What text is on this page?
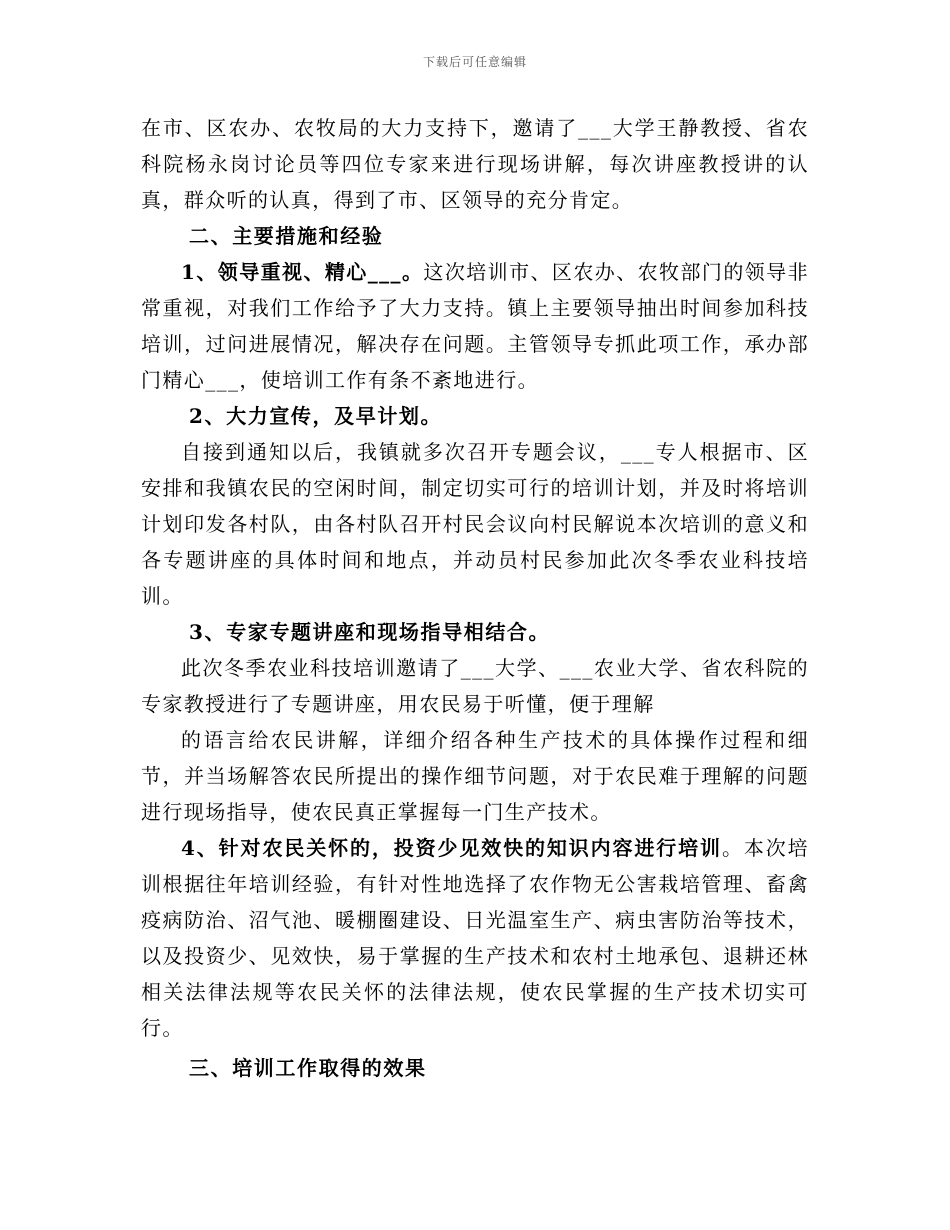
下载后可任意编辑

在市、区农办、农牧局的大力支持下，邀请了___大学王静教授、省农科院杨永岗讨论员等四位专家来进行现场讲解，每次讲座教授讲的认真，群众听的认真，得到了市、区领导的充分肯定。

二、主要措施和经验

1、领导重视、精心___。这次培训市、区农办、农牧部门的领导非常重视，对我们工作给予了大力支持。镇上主要领导抽出时间参加科技培训，过问进展情况，解决存在问题。主管领导专抓此项工作，承办部门精心___，使培训工作有条不紊地进行。

2、大力宣传，及早计划。

自接到通知以后，我镇就多次召开专题会议，___专人根据市、区安排和我镇农民的空闲时间，制定切实可行的培训计划，并及时将培训计划印发各村队，由各村队召开村民会议向村民解说本次培训的意义和各专题讲座的具体时间和地点，并动员村民参加此次冬季农业科技培训。

3、专家专题讲座和现场指导相结合。

此次冬季农业科技培训邀请了___大学、___农业大学、省农科院的专家教授进行了专题讲座，用农民易于听懂，便于理解

的语言给农民讲解，详细介绍各种生产技术的具体操作过程和细节，并当场解答农民所提出的操作细节问题，对于农民难于理解的问题进行现场指导，使农民真正掌握每一门生产技术。

4、针对农民关怀的，投资少见效快的知识内容进行培训。本次培训根据往年培训经验，有针对性地选择了农作物无公害栽培管理、畜禽疫病防治、沼气池、暖棚圈建设、日光温室生产、病虫害防治等技术，以及投资少、见效快，易于掌握的生产技术和农村土地承包、退耕还林相关法律法规等农民关怀的法律法规，使农民掌握的生产技术切实可行。

三、培训工作取得的效果
